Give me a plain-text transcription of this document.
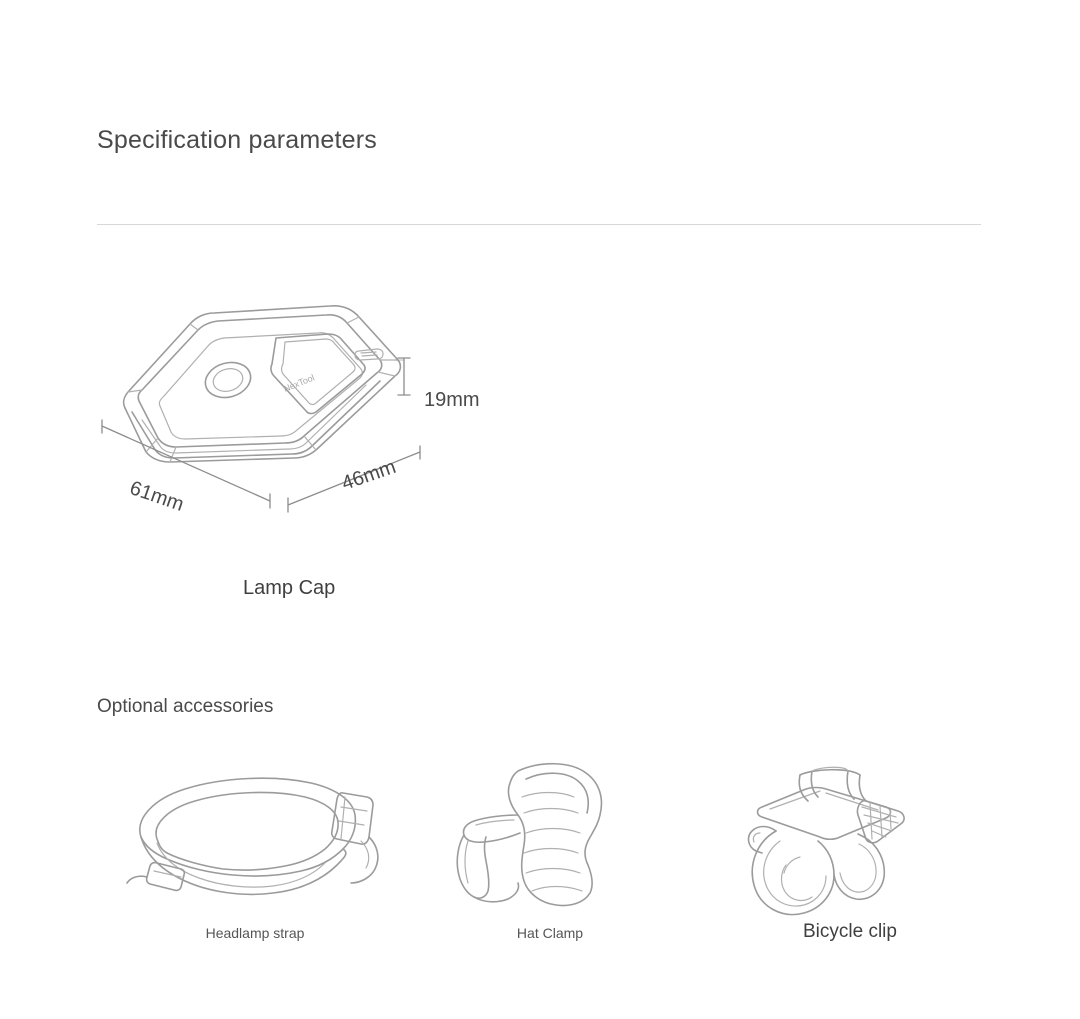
Specification parameters
NexTool
19mm
61mm
46mm
Lamp Cap
Optional accessories
Headlamp strap	Hat Clamp	Bicycle clip
